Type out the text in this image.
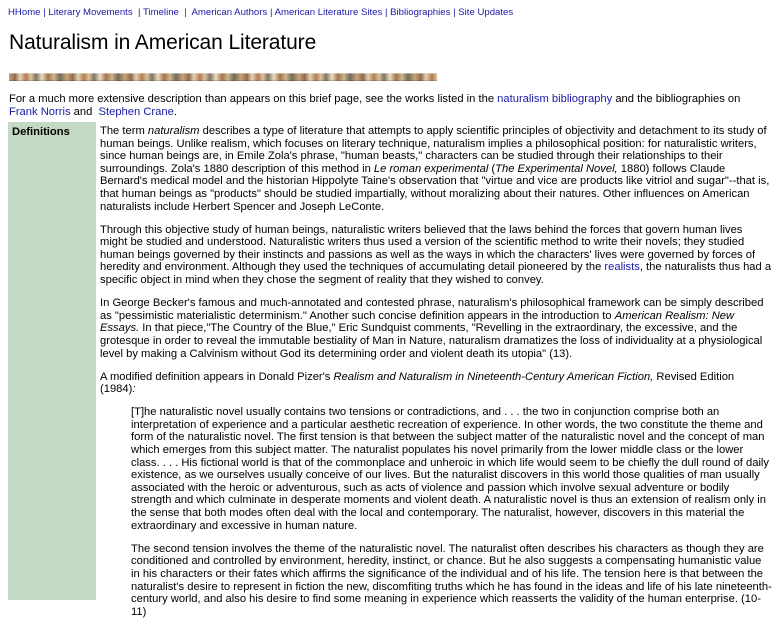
HHome | Literary Movements | Timeline | American Authors | American Literature Sites | Bibliographies | Site Updates
Naturalism in American Literature
For a much more extensive description than appears on this brief page, see the works listed in the naturalism bibliography and the bibliographies on Frank Norris and  Stephen Crane.
Definitions	The term naturalism describes a type of literature that attempts to apply scientific principles of objectivity and detachment to its study of human beings. Unlike realism, which focuses on literary technique, naturalism implies a philosophical position: for naturalistic writers, since human beings are, in Emile Zola's phrase, "human beasts," characters can be studied through their relationships to their surroundings. Zola's 1880 description of this method in Le roman experimental (The Experimental Novel, 1880) follows Claude Bernard's medical model and the historian Hippolyte Taine's observation that "virtue and vice are products like vitriol and sugar"--that is, that human beings as "products" should be studied impartially, without moralizing about their natures. Other influences on American naturalists include Herbert Spencer and Joseph LeConte.

Through this objective study of human beings, naturalistic writers believed that the laws behind the forces that govern human lives might be studied and understood. Naturalistic writers thus used a version of the scientific method to write their novels; they studied human beings governed by their instincts and passions as well as the ways in which the characters' lives were governed by forces of heredity and environment. Although they used the techniques of accumulating detail pioneered by the realists, the naturalists thus had a specific object in mind when they chose the segment of reality that they wished to convey.

In George Becker's famous and much-annotated and contested phrase, naturalism's philosophical framework can be simply described as "pessimistic materialistic determinism." Another such concise definition appears in the introduction to American Realism: New Essays. In that piece,"The Country of the Blue," Eric Sundquist comments, "Revelling in the extraordinary, the excessive, and the grotesque in order to reveal the immutable bestiality of Man in Nature, naturalism dramatizes the loss of individuality at a physiological level by making a Calvinism without God its determining order and violent death its utopia" (13).

A modified definition appears in Donald Pizer's Realism and Naturalism in Nineteenth-Century American Fiction, Revised Edition (1984):

[T]he naturalistic novel usually contains two tensions or contradictions, and . . . the two in conjunction comprise both an interpretation of experience and a particular aesthetic recreation of experience. In other words, the two constitute the theme and form of the naturalistic novel. The first tension is that between the subject matter of the naturalistic novel and the concept of man which emerges from this subject matter. The naturalist populates his novel primarily from the lower middle class or the lower class. . . . His fictional world is that of the commonplace and unheroic in which life would seem to be chiefly the dull round of daily existence, as we ourselves usually conceive of our lives. But the naturalist discovers in this world those qualities of man usually associated with the heroic or adventurous, such as acts of violence and passion which involve sexual adventure or bodily strength and which culminate in desperate moments and violent death. A naturalistic novel is thus an extension of realism only in the sense that both modes often deal with the local and contemporary. The naturalist, however, discovers in this material the extraordinary and excessive in human nature.

The second tension involves the theme of the naturalistic novel. The naturalist often describes his characters as though they are conditioned and controlled by environment, heredity, instinct, or chance. But he also suggests a compensating humanistic value in his characters or their fates which affirms the significance of the individual and of his life. The tension here is that between the naturalist's desire to represent in fiction the new, discomfiting truths which he has found in the ideas and life of his late nineteenth-century world, and also his desire to find some meaning in experience which reasserts the validity of the human enterprise. (10-11)
